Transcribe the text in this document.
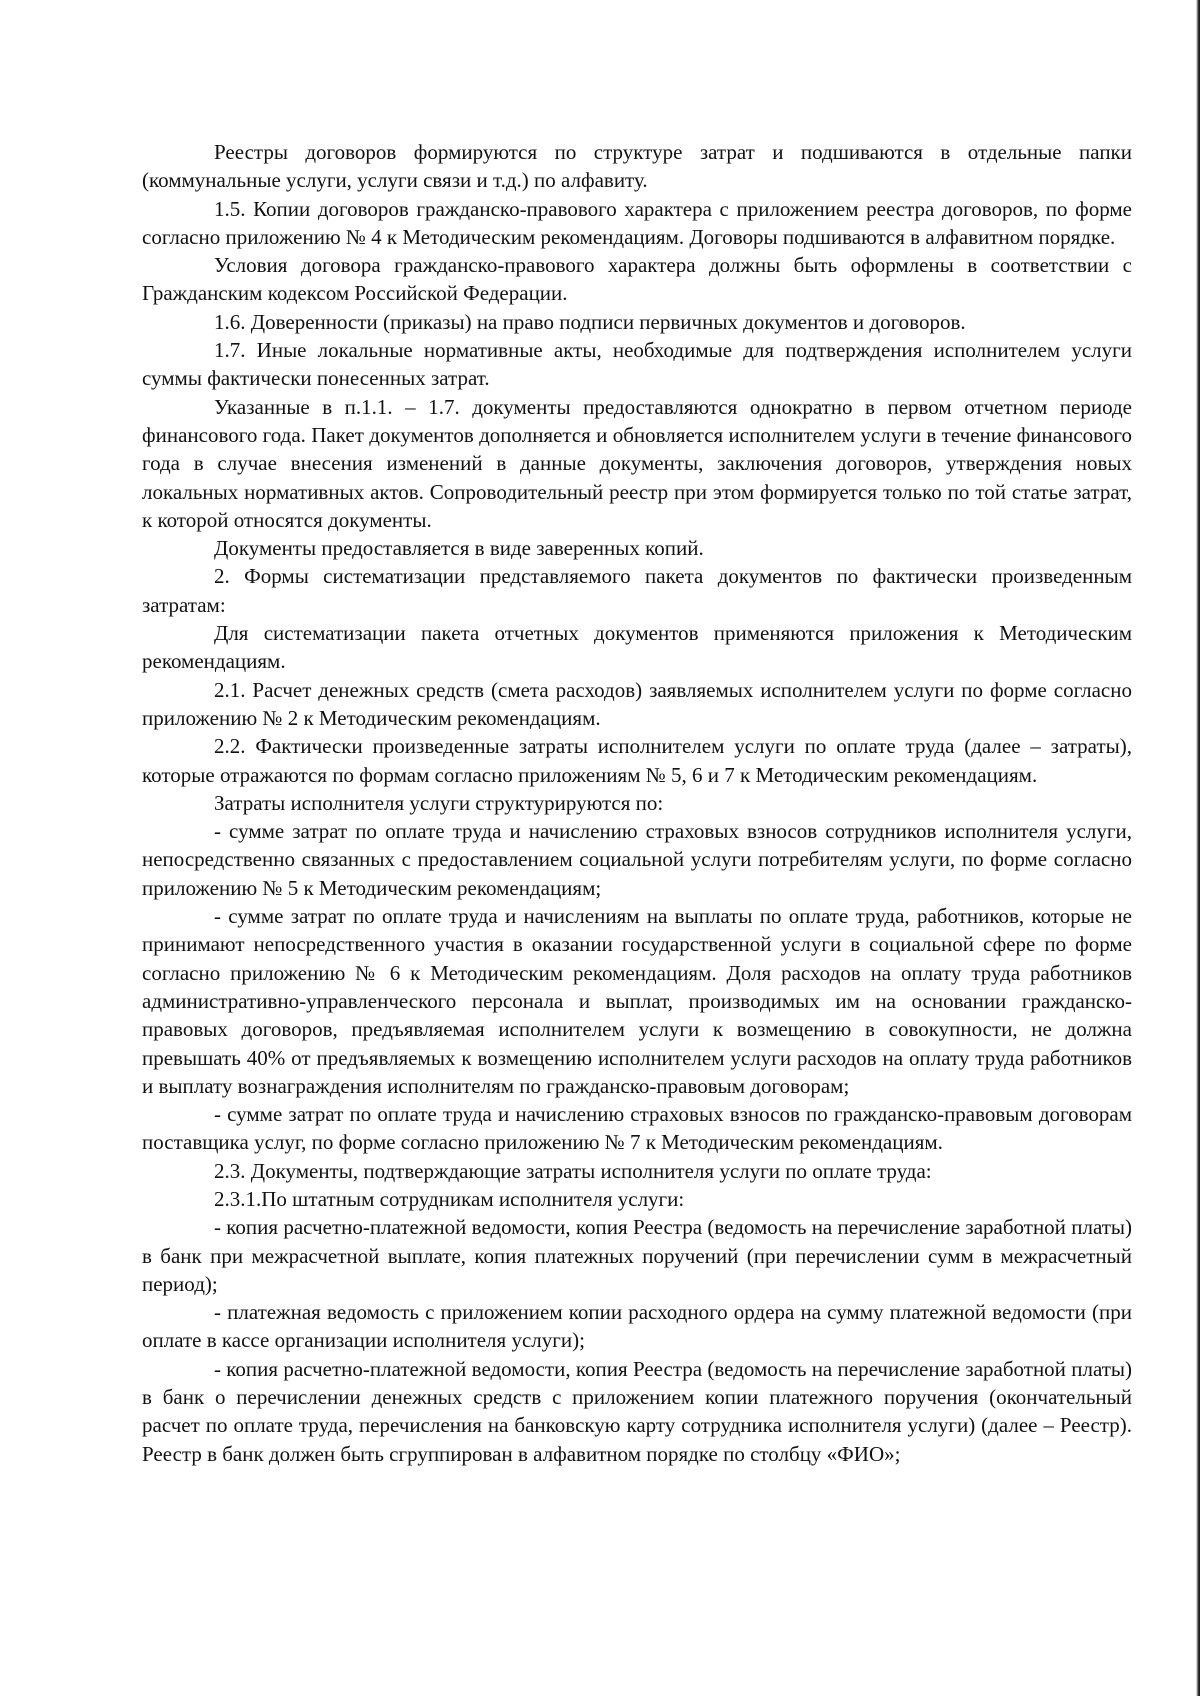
Реестры договоров формируются по структуре затрат и подшиваются в отдельные папки (коммунальные услуги, услуги связи и т.д.) по алфавиту.

1.5. Копии договоров гражданско-правового характера с приложением реестра договоров, по форме согласно приложению № 4 к Методическим рекомендациям. Договоры подшиваются в алфавитном порядке.

Условия договора гражданско-правового характера должны быть оформлены в соответствии с Гражданским кодексом Российской Федерации.

1.6. Доверенности (приказы) на право подписи первичных документов и договоров.

1.7. Иные локальные нормативные акты, необходимые для подтверждения исполнителем услуги суммы фактически понесенных затрат.

Указанные в п.1.1. – 1.7. документы предоставляются однократно в первом отчетном периоде финансового года. Пакет документов дополняется и обновляется исполнителем услуги в течение финансового года в случае внесения изменений в данные документы, заключения договоров, утверждения новых локальных нормативных актов. Сопроводительный реестр при этом формируется только по той статье затрат, к которой относятся документы.

Документы предоставляется в виде заверенных копий.

2. Формы систематизации представляемого пакета документов по фактически произведенным затратам:

Для систематизации пакета отчетных документов применяются приложения к Методическим рекомендациям.

2.1. Расчет денежных средств (смета расходов) заявляемых исполнителем услуги по форме согласно приложению № 2 к Методическим рекомендациям.

2.2. Фактически произведенные затраты исполнителем услуги по оплате труда (далее – затраты), которые отражаются по формам согласно приложениям № 5, 6 и 7 к Методическим рекомендациям.

Затраты исполнителя услуги структурируются по:

- сумме затрат по оплате труда и начислению страховых взносов сотрудников исполнителя услуги, непосредственно связанных с предоставлением социальной услуги потребителям услуги, по форме согласно приложению № 5 к Методическим рекомендациям;

- сумме затрат по оплате труда и начислениям на выплаты по оплате труда, работников, которые не принимают непосредственного участия в оказании государственной услуги в социальной сфере по форме согласно приложению № 6 к Методическим рекомендациям. Доля расходов на оплату труда работников административно-управленческого персонала и выплат, производимых им на основании гражданско-правовых договоров, предъявляемая исполнителем услуги к возмещению в совокупности, не должна превышать 40% от предъявляемых к возмещению исполнителем услуги расходов на оплату труда работников и выплату вознаграждения исполнителям по гражданско-правовым договорам;

- сумме затрат по оплате труда и начислению страховых взносов по гражданско-правовым договорам поставщика услуг, по форме согласно приложению № 7 к Методическим рекомендациям.

2.3. Документы, подтверждающие затраты исполнителя услуги по оплате труда:

2.3.1.По штатным сотрудникам исполнителя услуги:

- копия расчетно-платежной ведомости, копия Реестра (ведомость на перечисление заработной платы) в банк при межрасчетной выплате, копия платежных поручений (при перечислении сумм в межрасчетный период);

- платежная ведомость с приложением копии расходного ордера на сумму платежной ведомости (при оплате в кассе организации исполнителя услуги);

- копия расчетно-платежной ведомости, копия Реестра (ведомость на перечисление заработной платы) в банк о перечислении денежных средств с приложением копии платежного поручения (окончательный расчет по оплате труда, перечисления на банковскую карту сотрудника исполнителя услуги) (далее – Реестр). Реестр в банк должен быть сгруппирован в алфавитном порядке по столбцу «ФИО»;
